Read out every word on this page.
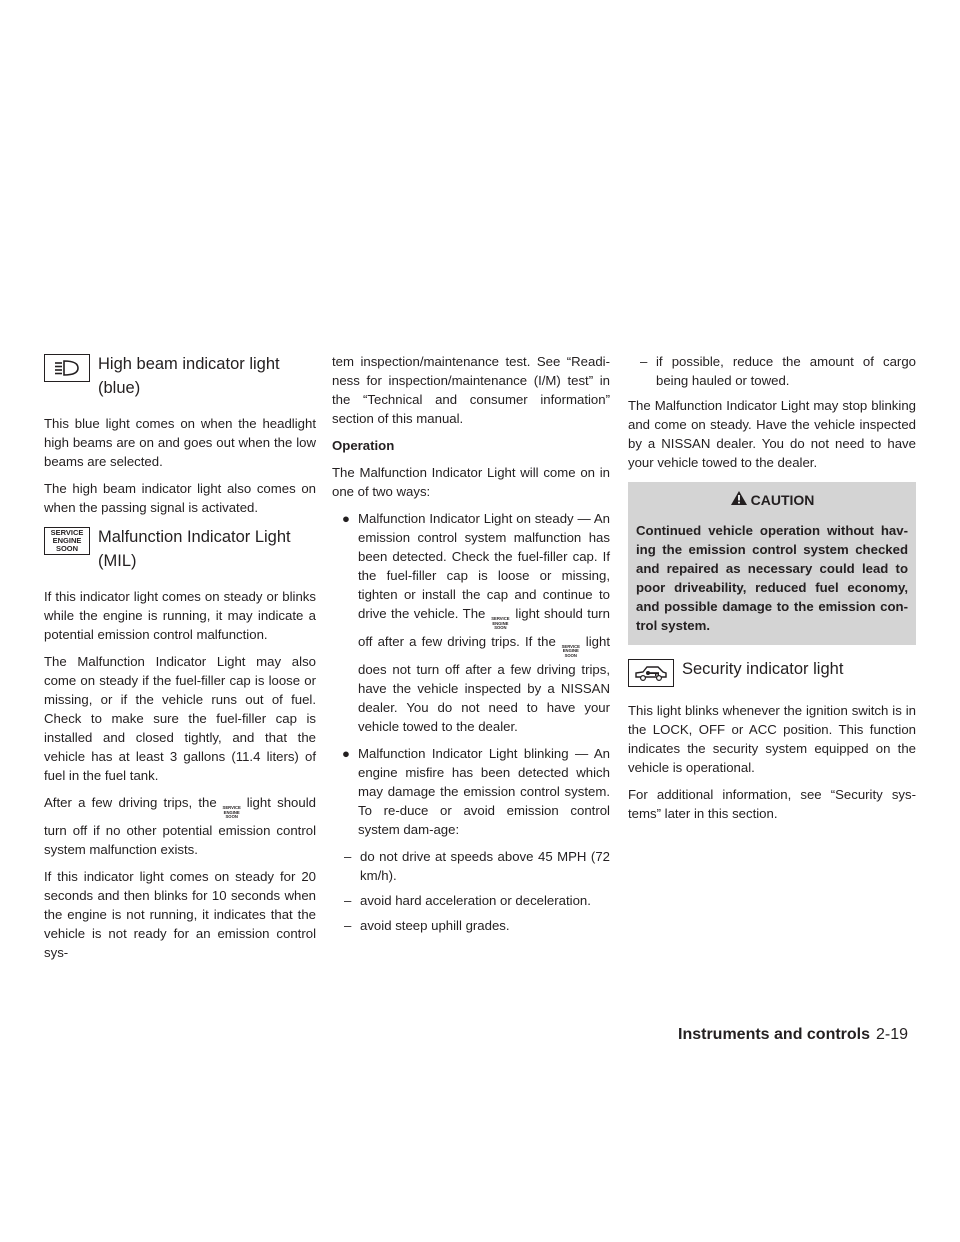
High beam indicator light
(blue)

This blue light comes on when the headlight high beams are on and goes out when the low beams are selected.

The high beam indicator light also comes on when the passing signal is activated.

SERVICE
ENGINE
SOON
Malfunction Indicator Light
(MIL)

If this indicator light comes on steady or blinks while the engine is running, it may indicate a potential emission control malfunction.

The Malfunction Indicator Light may also come on steady if the fuel-filler cap is loose or missing, or if the vehicle runs out of fuel. Check to make sure the fuel-filler cap is installed and closed tightly, and that the vehicle has at least 3 gallons (11.4 liters) of fuel in the fuel tank.

After a few driving trips, the SERVICE
ENGINE
SOON
light should turn off if no other potential emission control system malfunction exists.

If this indicator light comes on steady for 20 seconds and then blinks for 10 seconds when the engine is not running, it indicates that the vehicle is not ready for an emission control sys-

tem inspection/maintenance test. See “Readi-ness for inspection/maintenance (I/M) test” in the “Technical and consumer information” section of this manual.

Operation

The Malfunction Indicator Light will come on in one of two ways:

● Malfunction Indicator Light on steady — An emission control system malfunction has been detected. Check the fuel-filler cap. If the fuel-filler cap is loose or missing, tighten or install the cap and continue to drive the vehicle. The SERVICE
ENGINE
SOON
light should turn off after a few driving trips. If the SERVICE
ENGINE
SOON
light does not turn off after a few driving trips, have the vehicle inspected by a NISSAN dealer. You do not need to have your vehicle towed to the dealer.
● Malfunction Indicator Light blinking — An engine misfire has been detected which may damage the emission control system. To re-duce or avoid emission control system dam-age:
– do not drive at speeds above 45 MPH (72 km/h).
– avoid hard acceleration or deceleration.
– avoid steep uphill grades.
– if possible, reduce the amount of cargo being hauled or towed.

The Malfunction Indicator Light may stop blinking and come on steady. Have the vehicle inspected by a NISSAN dealer. You do not need to have your vehicle towed to the dealer.

CAUTION
Continued vehicle operation without hav-ing the emission control system checked and repaired as necessary could lead to poor driveability, reduced fuel economy, and possible damage to the emission con-trol system.
Security indicator light

This light blinks whenever the ignition switch is in the LOCK, OFF or ACC position. This function indicates the security system equipped on the vehicle is operational.

For additional information, see “Security sys-tems” later in this section.

Instruments and controls 2-19
